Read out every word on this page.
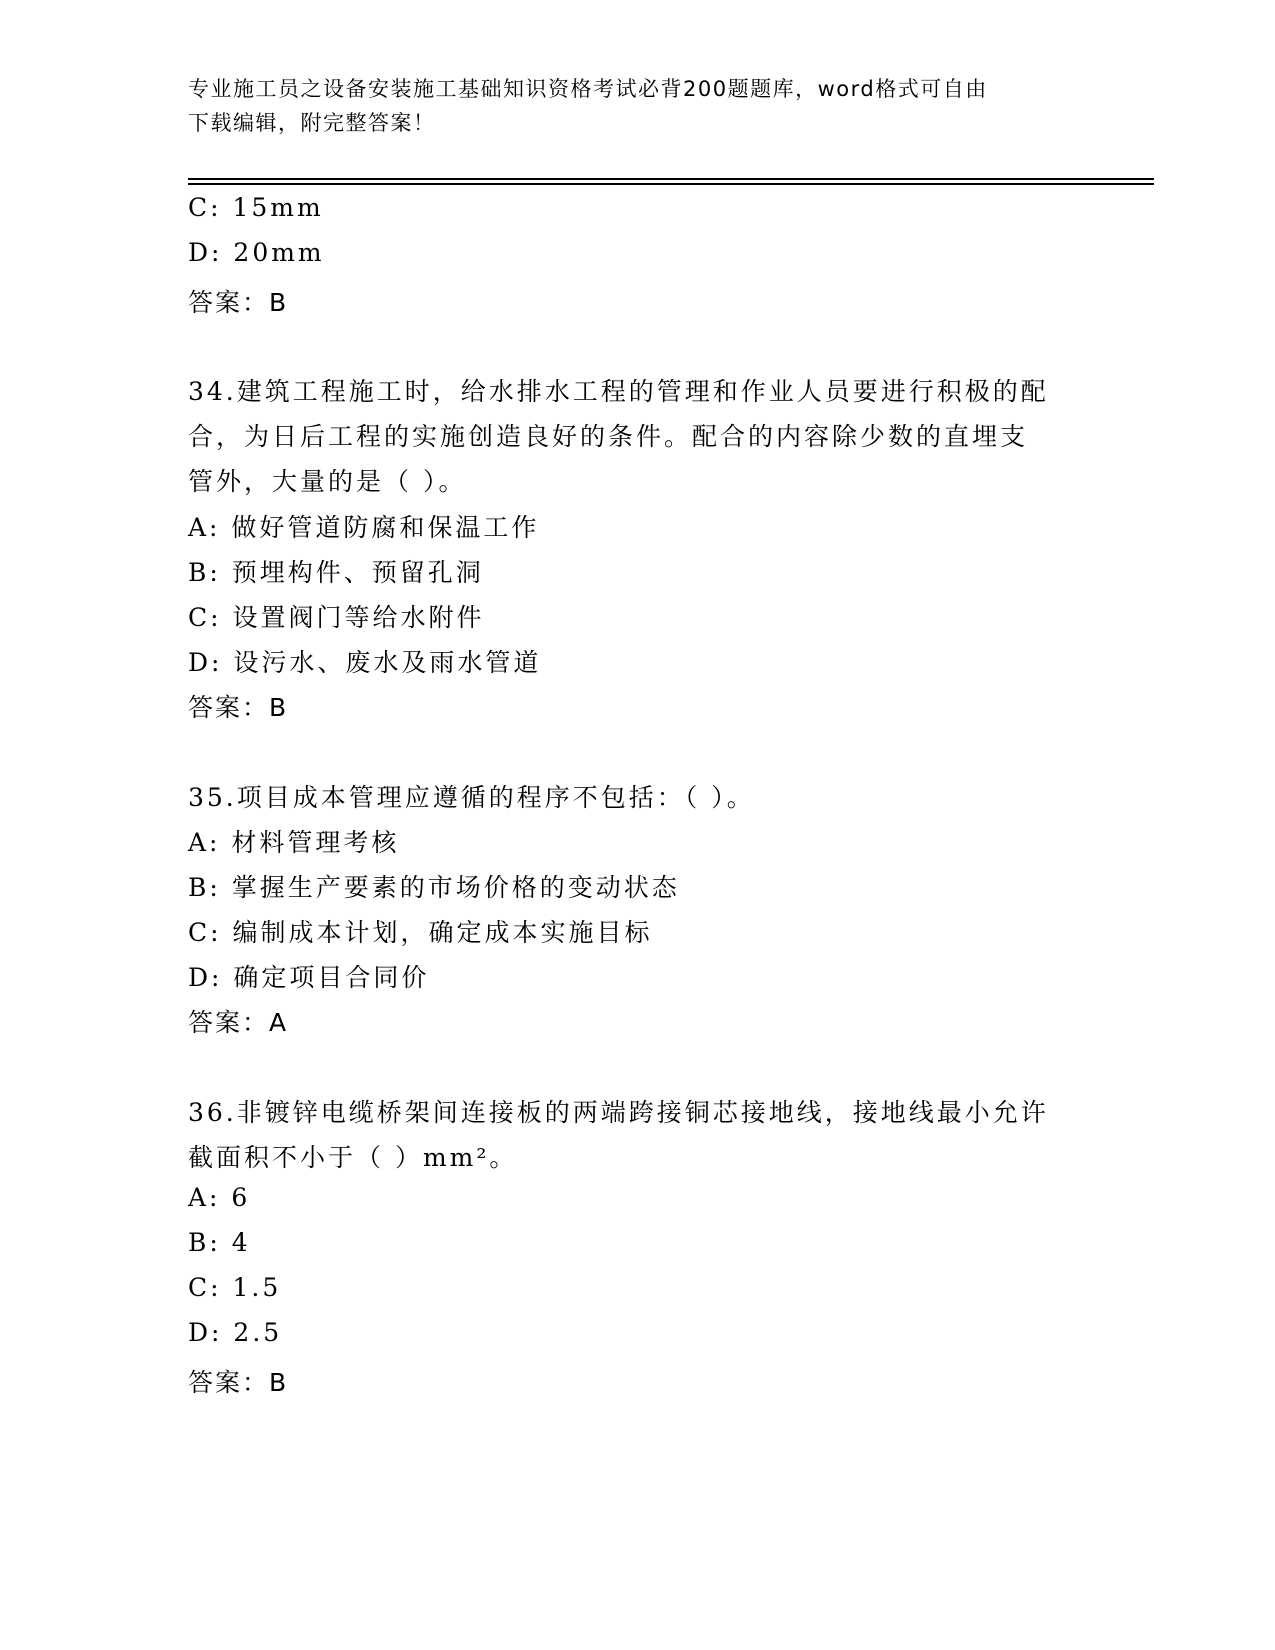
专业施工员之设备安装施工基础知识资格考试必背200题题库，word格式可自由
下载编辑，附完整答案！
C: 15mm
D: 20mm
答案：B
34.建筑工程施工时，给水排水工程的管理和作业人员要进行积极的配
合，为日后工程的实施创造良好的条件。配合的内容除少数的直埋支
管外，大量的是（ ）。
A: 做好管道防腐和保温工作
B: 预埋构件、预留孔洞
C: 设置阀门等给水附件
D: 设污水、废水及雨水管道
答案：B
35.项目成本管理应遵循的程序不包括：（ ）。
A: 材料管理考核
B: 掌握生产要素的市场价格的变动状态
C: 编制成本计划，确定成本实施目标
D: 确定项目合同价
答案：A
36.非镀锌电缆桥架间连接板的两端跨接铜芯接地线，接地线最小允许
截面积不小于（ ）mm²。
A: 6
B: 4
C: 1.5
D: 2.5
答案：B
